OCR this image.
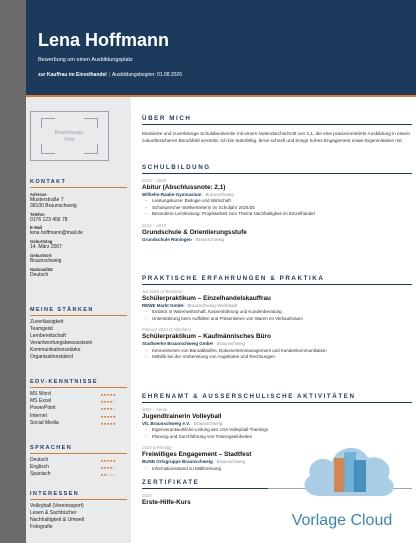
Lena Hoffmann
Bewerbung um einen Ausbildungsplatz
zur Kauffrau im Einzelhandel | Ausbildungsbeginn: 01.08.2026
Bewerbungs-
Foto
KONTAKT
Adresse
Musterstraße 7
38100 Braunschweig
Telefon
0176 123 456 78
E-Mail
lena.hoffmann@mail.de
Geburtstag
14. März 2007
Geburtsort
Braunschweig
Nationalität
Deutsch
MEINE STÄRKEN
Zuverlässigkeit
Teamgeist
Lernbereitschaft
Verantwortungsbewusstsein
Kommunikationsstärke
Organisationstalent
EDV-KENNTNISSE
MS Word	●●●●●
MS Excel	●●●●●
PowerPoint	●●●●●
Internet	●●●●●
Social Media	●●●●●
SPRACHEN
Deutsch	●●●●●
Englisch	●●●●●
Spanisch	●●●●●
INTERESSEN
Volleyball (Vereinssport)
Lesen & Sachbücher
Nachhaltigkeit & Umwelt
Fotografie
ÜBER MICH
Motivierte und zuverlässige Schulabsolventin mit einem Notendurchschnitt von 2,1, die eine praxisorientierte Ausbildung in einem zukunftssicheren Berufsfeld anstrebt. Ich bin teamfähig, lerne schnell und bringe hohes Engagement sowie Eigeninitiative mit.
SCHULBILDUNG
2013 – 2026
Abitur (Abschlussnote: 2,1)
Wilhelm-Raabe-Gymnasium · Braunschweig
– Leistungskurse: Biologie und Wirtschaft
– Schulsprecher-Stellvertreterin im Schuljahr 2024/25
– Besondere Lernleistung: Projektarbeit zum Thema Nachhaltigkeit im Einzelhandel
2013 – 2019
Grundschule & Orientierungsstufe
Grundschule Rüningen · Braunschweig
PRAKTISCHE ERFAHRUNGEN & PRAKTIKA
Juli 2025 (3 Wochen)
Schülerpraktikum – Einzelhandelskauffrau
REWE Markt GmbH · Braunschweig-Weststadt
– Einblick in Warenwirtschaft, Kassenführung und Kundenberatung
– Unterstützung beim Auffüllen und Präsentieren von Waren im Verkaufsraum
Februar 2024 (2 Wochen)
Schülerpraktikum – Kaufmännisches Büro
Stadtwerke Braunschweig GmbH · Braunschweig
– Kennenlernen von Büroabläufen, Dokumentenmanagement und Kundenkommunikation
– Mithilfe bei der Vorbereitung von Angeboten und Rechnungen
EHRENAMT & AUSSERSCHULISCHE AKTIVITÄTEN
2022 – heute
Jugendtrainerin Volleyball
VfL Braunschweig e.V. · Braunschweig
– Eigenverantwortliche Leitung des U14-Volleyball-Trainings
– Planung und Durchführung von Trainingseinheiten
2023 (einmalig)
Freiwilliges Engagement – Stadtfest
BUND Ortsgruppe Braunschweig · Braunschweig
– Informationsstand zu Mülltrennung
ZERTIFIKATE
2024
Erste-Hilfe-Kurs
Vorlage Cloud
